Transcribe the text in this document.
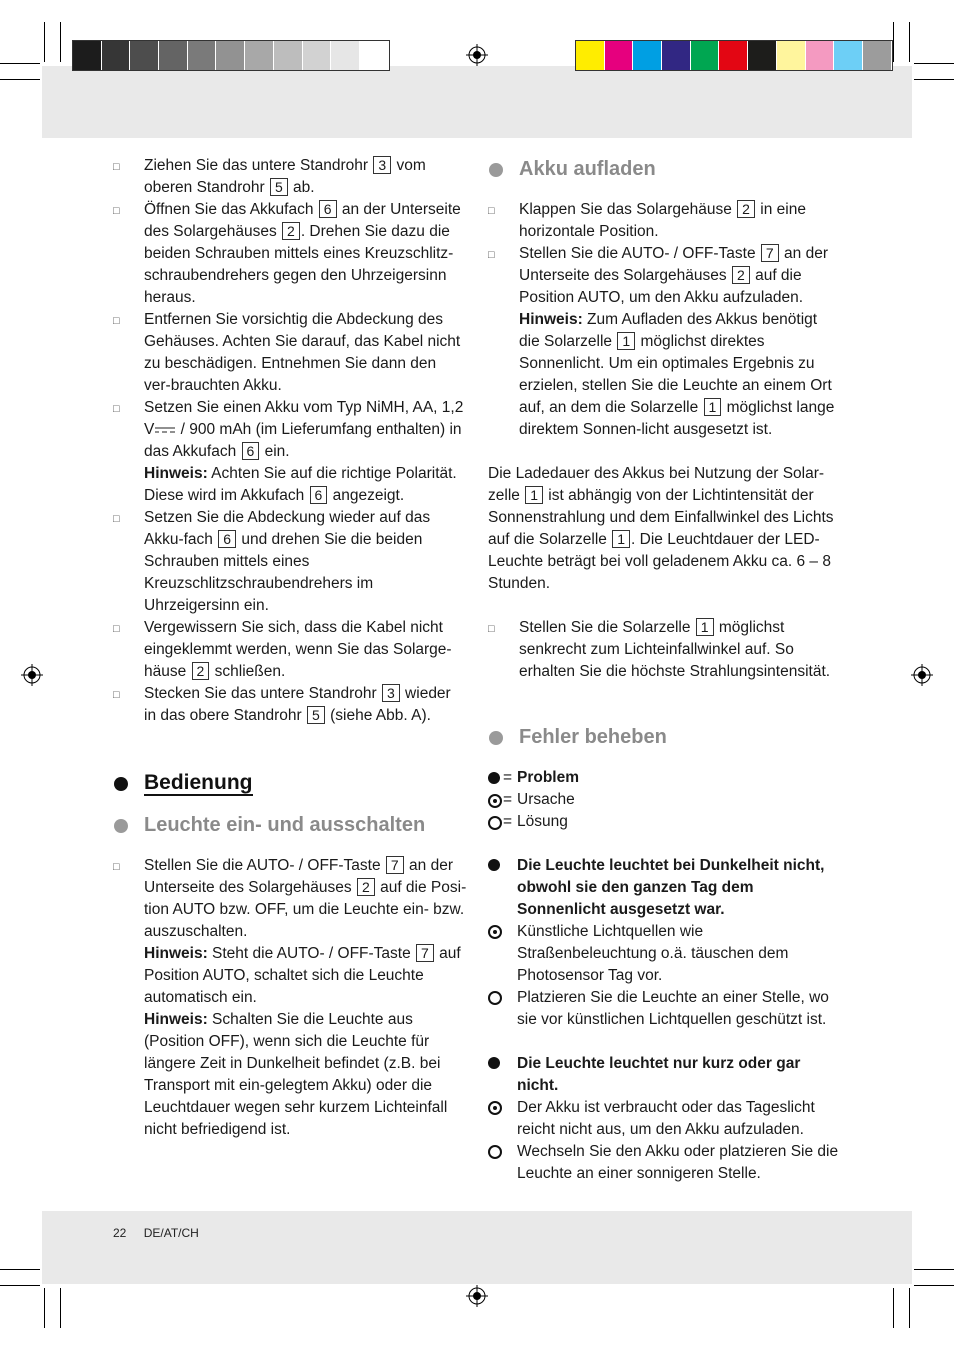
□	Ziehen Sie das untere Standrohr 3 vom oberen Standrohr 5 ab.
□	Öffnen Sie das Akkufach 6 an der Unterseite des Solargehäuses 2 . Drehen Sie dazu die beiden Schrauben mittels eines Kreuzschlitz-schraubendrehers gegen den Uhrzeigersinn heraus.
□	Entfernen Sie vorsichtig die Abdeckung des Gehäuses. Achten Sie darauf, das Kabel nicht zu beschädigen. Entnehmen Sie dann den ver-brauchten Akku.
□	Setzen Sie einen Akku vom Typ NiMH, AA, 1,2 V / 900 mAh (im Lieferumfang enthalten) in das Akkufach 6 ein.
Hinweis: Achten Sie auf die richtige Polarität. Diese wird im Akkufach 6 angezeigt.
□	Setzen Sie die Abdeckung wieder auf das Akku-fach 6 und drehen Sie die beiden Schrauben mittels eines Kreuzschlitzschraubendrehers im Uhrzeigersinn ein.
□	Vergewissern Sie sich, dass die Kabel nicht eingeklemmt werden, wenn Sie das Solarge-häuse 2 schließen.
□	Stecken Sie das untere Standrohr 3 wieder in das obere Standrohr 5 (siehe Abb. A).
Bedienung
Leuchte ein- und ausschalten
□	Stellen Sie die AUTO- / OFF-Taste 7 an der Unterseite des Solargehäuses 2 auf die Posi-tion AUTO bzw. OFF, um die Leuchte ein- bzw. auszuschalten.
Hinweis: Steht die AUTO- / OFF-Taste 7 auf Position AUTO, schaltet sich die Leuchte automatisch ein.
Hinweis: Schalten Sie die Leuchte aus (Position OFF), wenn sich die Leuchte für längere Zeit in Dunkelheit befindet (z.B. bei Transport mit ein-gelegtem Akku) oder die Leuchtdauer wegen sehr kurzem Lichteinfall nicht befriedigend ist.
Akku aufladen
□	Klappen Sie das Solargehäuse 2 in eine horizontale Position.
□	Stellen Sie die AUTO- / OFF-Taste 7 an der Unterseite des Solargehäuses 2 auf die Position AUTO, um den Akku aufzuladen.
Hinweis: Zum Aufladen des Akkus benötigt die Solarzelle 1 möglichst direktes Sonnenlicht. Um ein optimales Ergebnis zu erzielen, stellen Sie die Leuchte an einem Ort auf, an dem die Solarzelle 1 möglichst lange direktem Sonnen-licht ausgesetzt ist.
Die Ladedauer des Akkus bei Nutzung der Solar-zelle 1 ist abhängig von der Lichtintensität der Sonnenstrahlung und dem Einfallwinkel des Lichts auf die Solarzelle 1 . Die Leuchtdauer der LED-Leuchte beträgt bei voll geladenem Akku ca. 6 – 8 Stunden.
□	Stellen Sie die Solarzelle 1 möglichst senkrecht zum Lichteinfallwinkel auf. So erhalten Sie die höchste Strahlungsintensität.
Fehler beheben
= Problem
= Ursache
= Lösung
Die Leuchte leuchtet bei Dunkelheit nicht, obwohl sie den ganzen Tag dem Sonnenlicht ausgesetzt war.
Künstliche Lichtquellen wie Straßenbeleuchtung o.ä. täuschen dem Photosensor Tag vor.
Platzieren Sie die Leuchte an einer Stelle, wo sie vor künstlichen Lichtquellen geschützt ist.
Die Leuchte leuchtet nur kurz oder gar nicht.
Der Akku ist verbraucht oder das Tageslicht reicht nicht aus, um den Akku aufzuladen.
Wechseln Sie den Akku oder platzieren Sie die Leuchte an einer sonnigeren Stelle.
22 DE/AT/CH
